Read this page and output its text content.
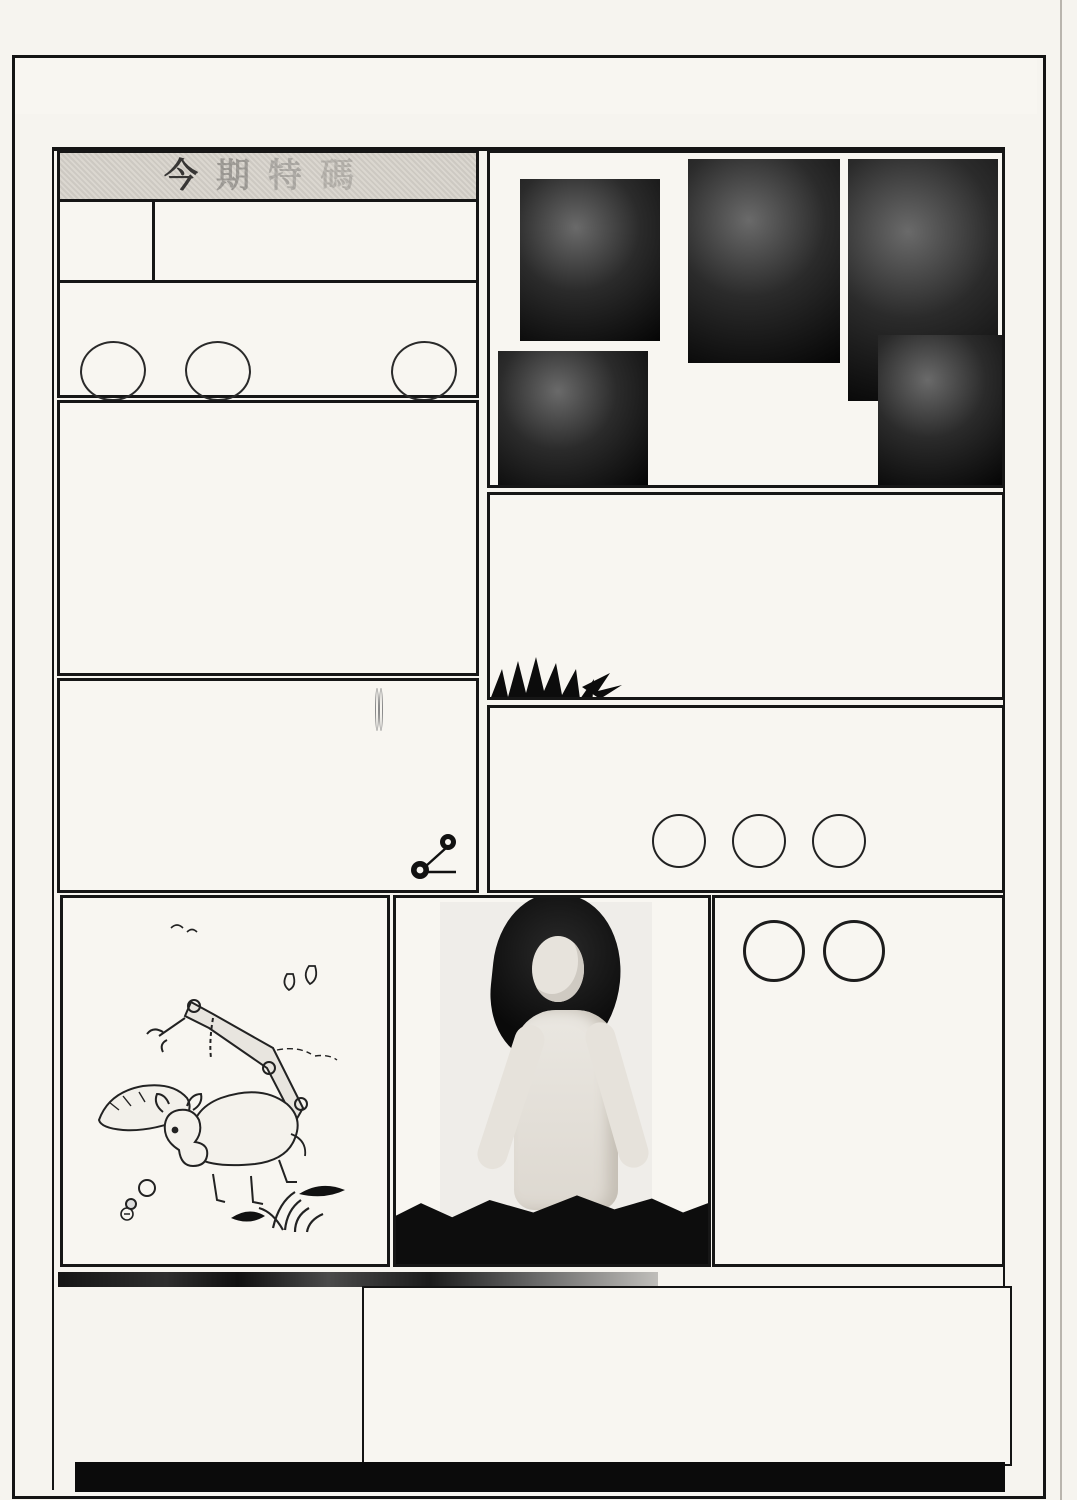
今期特碼
